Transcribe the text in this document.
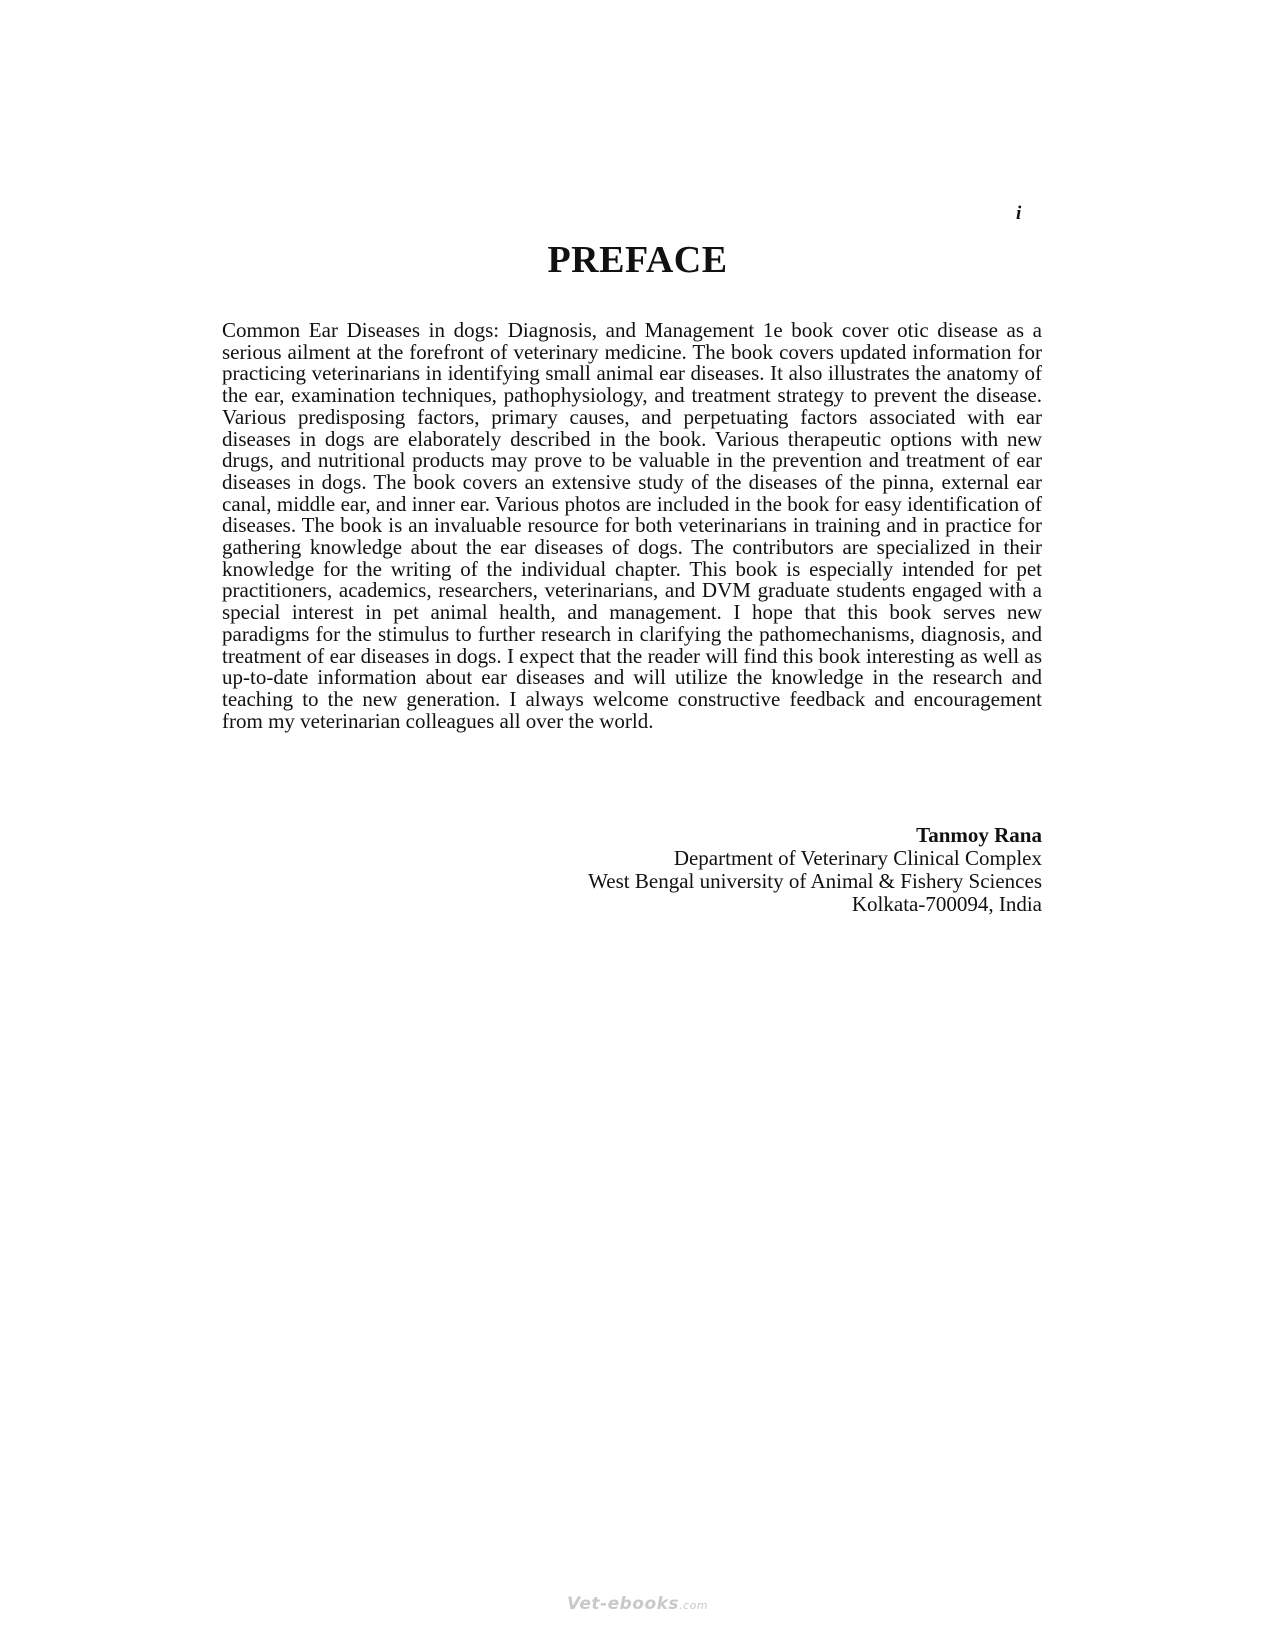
i
PREFACE

Common Ear Diseases in dogs: Diagnosis, and Management 1e book cover otic disease as a serious ailment at the forefront of veterinary medicine. The book covers updated information for practicing veterinarians in identifying small animal ear diseases. It also illustrates the anatomy of the ear, examination techniques, pathophysiology, and treatment strategy to prevent the disease. Various predisposing factors, primary causes, and perpetuating factors associated with ear diseases in dogs are elaborately described in the book. Various therapeutic options with new drugs, and nutritional products may prove to be valuable in the prevention and treatment of ear diseases in dogs. The book covers an extensive study of the diseases of the pinna, external ear canal, middle ear, and inner ear. Various photos are included in the book for easy identification of diseases. The book is an invaluable resource for both veterinarians in training and in practice for gathering knowledge about the ear diseases of dogs. The contributors are specialized in their knowledge for the writing of the individual chapter. This book is especially intended for pet practitioners, academics, researchers, veterinarians, and DVM graduate students engaged with a special interest in pet animal health, and management. I hope that this book serves new paradigms for the stimulus to further research in clarifying the pathomechanisms, diagnosis, and treatment of ear diseases in dogs. I expect that the reader will find this book interesting as well as up-to-date information about ear diseases and will utilize the knowledge in the research and teaching to the new generation. I always welcome constructive feedback and encouragement from my veterinarian colleagues all over the world.

Tanmoy Rana
Department of Veterinary Clinical Complex
West Bengal university of Animal & Fishery Sciences
Kolkata-700094, India
Vet-ebooks.com
